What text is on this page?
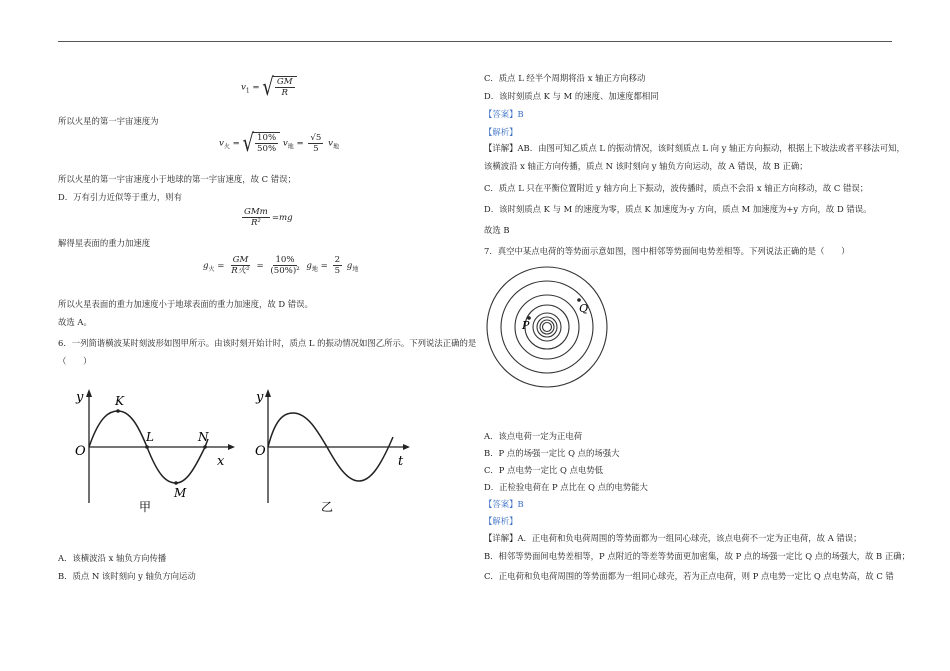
$v_1$ = √ $\frac{GM}{R}$
所以火星的第一宇宙速度为
$v_火$ = √ $\frac{10\%}{50\%} v_地 = \frac{√5}{5} v_地$
所以火星的第一宇宙速度小于地球的第一宇宙速度，故 C 错误；
D．万有引力近似等于重力，则有
$\frac{\text{GMm}}{\text{R²}} =mg$
解得星表面的重力加速度
$g_火 = \frac{GM}{\text{R火²}} = \frac{10\%}{\text{(50\%)²}} g_地 = \frac{2}{5} g_地$
所以火星表面的重力加速度小于地球表面的重力加速度，故 D 错误。
故选 A。
6．一列简谐横波某时刻波形如图甲所示。由该时刻开始计时，质点 L 的振动情况如图乙所示。下列说法正确的是
（　　）
y
x
O
K
L	N
M
甲
y
t
O
乙
A．该横波沿 x 轴负方向传播
B．质点 N 该时刻向 y 轴负方向运动
C．质点 L 经半个周期将沿 x 轴正方向移动
D．该时刻质点 K 与 M 的速度、加速度都相同
【答案】B
【解析】
【详解】AB．由图可知乙质点 L 的振动情况，该时刻质点 L 向 y 轴正方向振动，根据上下坡法或者平移法可知，
该横波沿 x 轴正方向传播，质点 N 该时刻向 y 轴负方向运动，故 A 错误，故 B 正确；
C．质点 L 只在平衡位置附近 y 轴方向上下振动，波传播时，质点不会沿 x 轴正方向移动，故 C 错误；
D．该时刻质点 K 与 M 的速度为零，质点 K 加速度为-y 方向，质点 M 加速度为+y 方向，故 D 错误。
故选 B
7．真空中某点电荷的等势面示意如图，图中相邻等势面间电势差相等。下列说法正确的是（　　）
P
Q
A．该点电荷一定为正电荷
B．P 点的场强一定比 Q 点的场强大
C．P 点电势一定比 Q 点电势低
D．正检验电荷在 P 点比在 Q 点的电势能大
【答案】B
【解析】
【详解】A．正电荷和负电荷周围的等势面都为一组同心球壳，该点电荷不一定为正电荷，故 A 错误；
B．相邻等势面间电势差相等，P 点附近的等差等势面更加密集，故 P 点的场强一定比 Q 点的场强大，故 B 正确；
C．正电荷和负电荷周围的等势面都为一组同心球壳，若为正点电荷，则 P 点电势一定比 Q 点电势高，故 C 错
